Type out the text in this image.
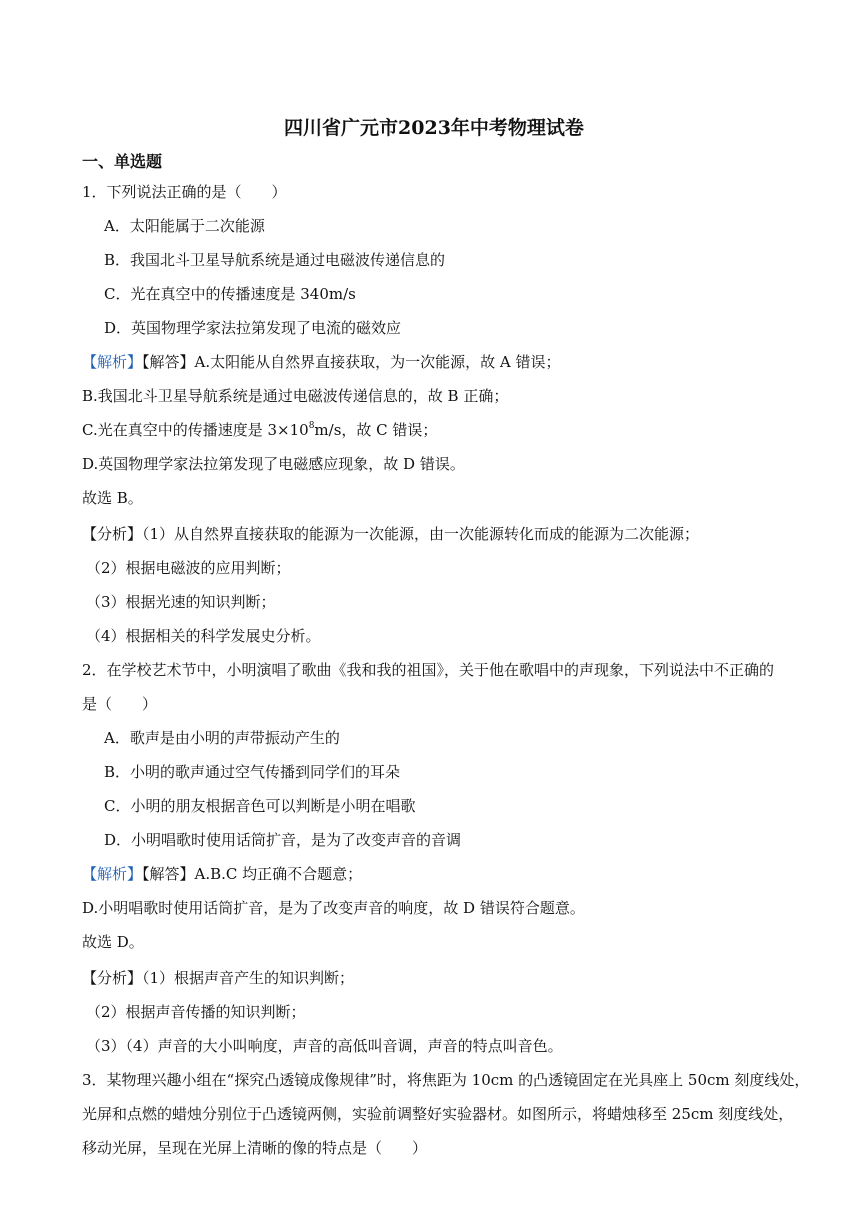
四川省广元市2023年中考物理试卷
一、单选题
1．下列说法正确的是（　　）
A．太阳能属于二次能源
B．我国北斗卫星导航系统是通过电磁波传递信息的
C．光在真空中的传播速度是 340m/s
D．英国物理学家法拉第发现了电流的磁效应
【解析】【解答】A.太阳能从自然界直接获取，为一次能源，故 A 错误；
B.我国北斗卫星导航系统是通过电磁波传递信息的，故 B 正确；
C.光在真空中的传播速度是 $3\times 10^8m/s$，故 C 错误；
D.英国物理学家法拉第发现了电磁感应现象，故 D 错误。
故选 B。
【分析】（1）从自然界直接获取的能源为一次能源，由一次能源转化而成的能源为二次能源；
（2）根据电磁波的应用判断；
（3）根据光速的知识判断；
（4）根据相关的科学发展史分析。
2．在学校艺术节中，小明演唱了歌曲《我和我的祖国》，关于他在歌唱中的声现象，下列说法中不正确的
是（　　）
A．歌声是由小明的声带振动产生的
B．小明的歌声通过空气传播到同学们的耳朵
C．小明的朋友根据音色可以判断是小明在唱歌
D．小明唱歌时使用话筒扩音，是为了改变声音的音调
【解析】【解答】A.B.C 均正确不合题意；
D.小明唱歌时使用话筒扩音，是为了改变声音的响度，故 D 错误符合题意。
故选 D。
【分析】（1）根据声音产生的知识判断；
（2）根据声音传播的知识判断；
（3）（4）声音的大小叫响度，声音的高低叫音调，声音的特点叫音色。
3．某物理兴趣小组在“探究凸透镜成像规律”时，将焦距为 10cm 的凸透镜固定在光具座上 50cm 刻度线处，
光屏和点燃的蜡烛分别位于凸透镜两侧，实验前调整好实验器材。如图所示，将蜡烛移至 25cm 刻度线处，
移动光屏，呈现在光屏上清晰的像的特点是（　　）
